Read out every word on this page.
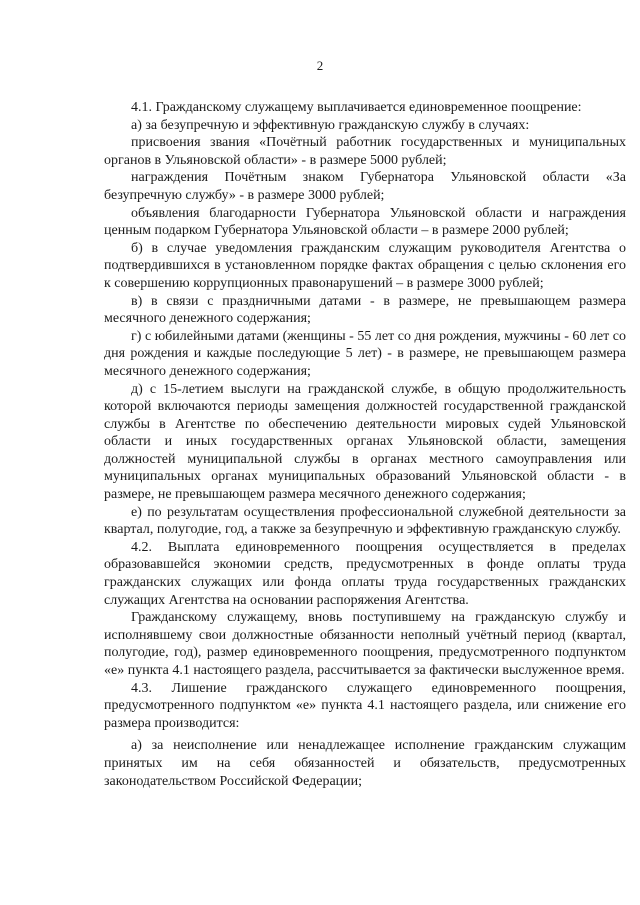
2

4.1. Гражданскому служащему выплачивается единовременное поощрение:

а) за безупречную и эффективную гражданскую службу в случаях:

присвоения звания «Почётный работник государственных и муниципальных органов в Ульяновской области» - в размере 5000 рублей;

награждения Почётным знаком Губернатора Ульяновской области «За безупречную службу» - в размере 3000 рублей;

объявления благодарности Губернатора Ульяновской области и награждения ценным подарком Губернатора Ульяновской области – в размере 2000 рублей;

б) в случае уведомления гражданским служащим руководителя Агентства о подтвердившихся в установленном порядке фактах обращения с целью склонения его к совершению коррупционных правонарушений – в размере 3000 рублей;

в) в связи с праздничными датами - в размере, не превышающем размера месячного денежного содержания;

г) с юбилейными датами (женщины - 55 лет со дня рождения, мужчины - 60 лет со дня рождения и каждые последующие 5 лет) - в размере, не превышающем размера месячного денежного содержания;

д) с 15-летием выслуги на гражданской службе, в общую продолжительность которой включаются периоды замещения должностей государственной гражданской службы в Агентстве по обеспечению деятельности мировых судей Ульяновской области и иных государственных органах Ульяновской области, замещения должностей муниципальной службы в органах местного самоуправления или муниципальных органах муниципальных образований Ульяновской области - в размере, не превышающем размера месячного денежного содержания;

е) по результатам осуществления профессиональной служебной деятельности за квартал, полугодие, год, а также за безупречную и эффективную гражданскую службу.

4.2. Выплата единовременного поощрения осуществляется в пределах образовавшейся экономии средств, предусмотренных в фонде оплаты труда гражданских служащих или фонда оплаты труда государственных гражданских служащих Агентства на основании распоряжения Агентства.

Гражданскому служащему, вновь поступившему на гражданскую службу и исполнявшему свои должностные обязанности неполный учётный период (квартал, полугодие, год), размер единовременного поощрения, предусмотренного подпунктом «е» пункта 4.1 настоящего раздела, рассчитывается за фактически выслуженное время.

4.3. Лишение гражданского служащего единовременного поощрения, предусмотренного подпунктом «е» пункта 4.1 настоящего раздела, или снижение его размера производится:

а) за неисполнение или ненадлежащее исполнение гражданским служащим принятых им на себя обязанностей и обязательств, предусмотренных законодательством Российской Федерации;
